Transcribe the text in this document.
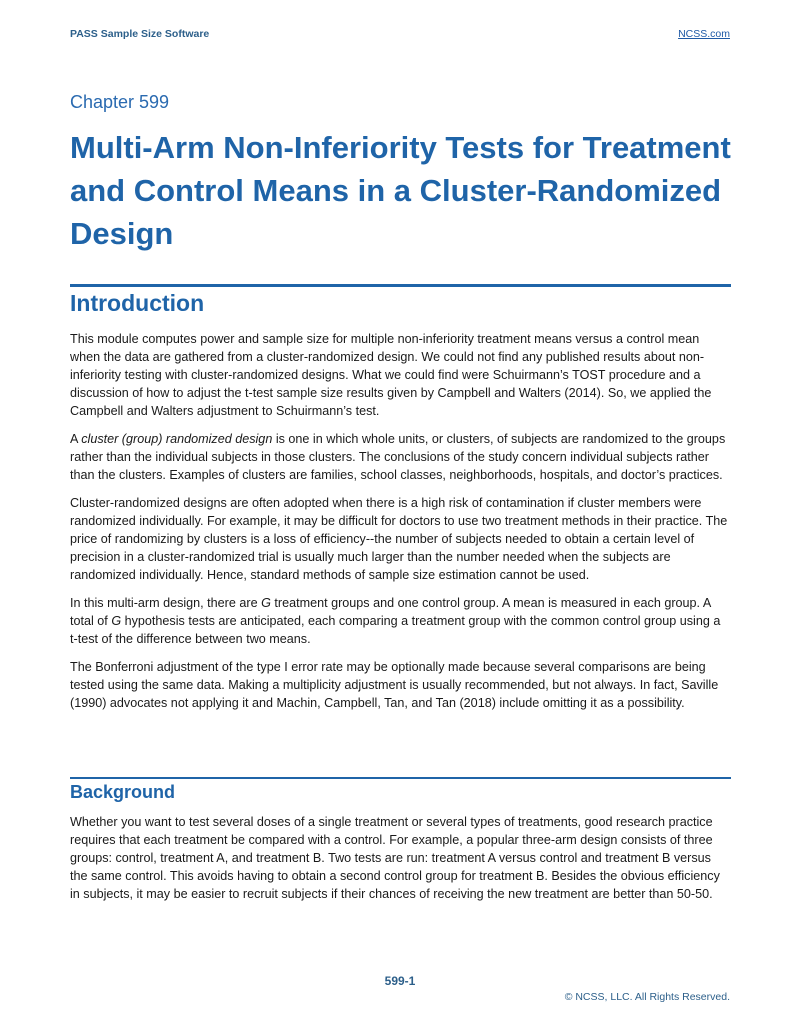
PASS Sample Size Software	NCSS.com
Chapter 599
Multi-Arm Non-Inferiority Tests for Treatment and Control Means in a Cluster-Randomized Design
Introduction

This module computes power and sample size for multiple non-inferiority treatment means versus a control mean when the data are gathered from a cluster-randomized design. We could not find any published results about non-inferiority testing with cluster-randomized designs. What we could find were Schuirmann’s TOST procedure and a discussion of how to adjust the t-test sample size results given by Campbell and Walters (2014). So, we applied the Campbell and Walters adjustment to Schuirmann’s test.

A cluster (group) randomized design is one in which whole units, or clusters, of subjects are randomized to the groups rather than the individual subjects in those clusters. The conclusions of the study concern individual subjects rather than the clusters. Examples of clusters are families, school classes, neighborhoods, hospitals, and doctor’s practices.

Cluster-randomized designs are often adopted when there is a high risk of contamination if cluster members were randomized individually. For example, it may be difficult for doctors to use two treatment methods in their practice. The price of randomizing by clusters is a loss of efficiency--the number of subjects needed to obtain a certain level of precision in a cluster-randomized trial is usually much larger than the number needed when the subjects are randomized individually. Hence, standard methods of sample size estimation cannot be used.

In this multi-arm design, there are G treatment groups and one control group. A mean is measured in each group. A total of G hypothesis tests are anticipated, each comparing a treatment group with the common control group using a t-test of the difference between two means.

The Bonferroni adjustment of the type I error rate may be optionally made because several comparisons are being tested using the same data. Making a multiplicity adjustment is usually recommended, but not always. In fact, Saville (1990) advocates not applying it and Machin, Campbell, Tan, and Tan (2018) include omitting it as a possibility.

Background

Whether you want to test several doses of a single treatment or several types of treatments, good research practice requires that each treatment be compared with a control. For example, a popular three-arm design consists of three groups: control, treatment A, and treatment B. Two tests are run: treatment A versus control and treatment B versus the same control. This avoids having to obtain a second control group for treatment B. Besides the obvious efficiency in subjects, it may be easier to recruit subjects if their chances of receiving the new treatment are better than 50-50.

599-1
© NCSS, LLC. All Rights Reserved.
